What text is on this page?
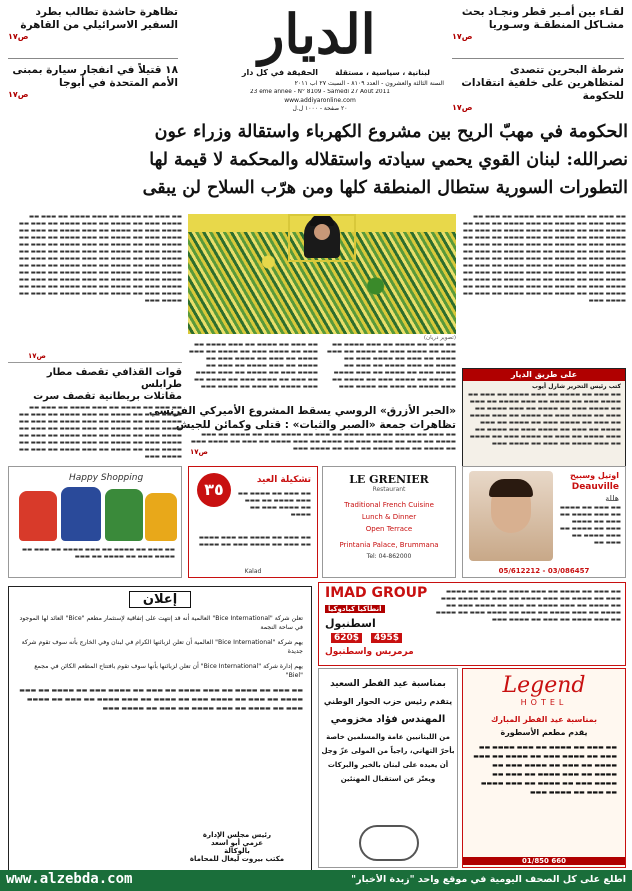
لقـاء بين أمـير قطر ونجـاد بحث مشـاكل المنطقـة وسـوريا
ص١٧
شرطة البحرين تتصدى لمتظاهرين على خلفية انتقادات للحكومة
ص١٧
تظاهرة حاشدة تطالب بطرد السفير الاسرائيلي من القاهرة
ص١٧
١٨ قتيلاً في انفجار سيارة بمبنى الأمم المتحدة في أبوجا
ص١٧
الديار
الحقيقة في كل دار	لبنانية ، سياسية ، مستقلة
السنة الثالثة والعشرون - العدد ٨١٠٩ - السبت ٢٧ آب ٢٠١١
23 ème année - N° 8109 - Samedi 27 Août 2011
www.addiyaronline.com
٢٠ صفحة - ١٠٠٠ ل.ل
الحكومة في مهبّ الريح بين مشروع الكهرباء واستقالة وزراء عون
نصرالله: لبنان القوي يحمي سيادته واستقلاله والمحكمة لا قيمة لها
التطورات السورية ستطال المنطقة كلها ومن هرّب السلاح لن يبقى
▬▬ ▬▬▬ ▬▬ ▬▬▬▬ ▬▬ ▬▬▬ ▬▬▬▬ ▬▬ ▬▬▬ ▬▬ ▬▬▬▬ ▬▬▬ ▬▬ ▬▬▬▬ ▬▬ ▬▬▬ ▬▬▬▬ ▬▬ ▬▬▬ ▬▬ ▬▬▬▬ ▬▬▬ ▬▬ ▬▬▬▬ ▬▬ ▬▬▬ ▬▬▬▬ ▬▬ ▬▬▬ ▬▬ ▬▬▬▬ ▬▬▬ ▬▬ ▬▬▬▬ ▬▬ ▬▬▬ ▬▬▬▬ ▬▬ ▬▬▬ ▬▬ ▬▬▬▬ ▬▬▬ ▬▬ ▬▬▬▬ ▬▬ ▬▬▬ ▬▬▬▬ ▬▬ ▬▬▬ ▬▬ ▬▬▬▬ ▬▬▬ ▬▬ ▬▬▬▬ ▬▬ ▬▬▬ ▬▬▬▬ ▬▬ ▬▬▬ ▬▬ ▬▬▬▬ ▬▬▬ ▬▬ ▬▬▬▬ ▬▬ ▬▬▬ ▬▬▬▬ ▬▬ ▬▬▬ ▬▬ ▬▬▬▬ ▬▬▬ ▬▬ ▬▬▬▬ ▬▬ ▬▬▬ ▬▬▬▬ ▬▬ ▬▬▬ ▬▬ ▬▬▬▬ ▬▬▬ ▬▬ ▬▬▬▬ ▬▬ ▬▬▬ ▬▬▬▬ ▬▬ ▬▬▬ ▬▬ ▬▬▬▬ ▬▬▬ ▬▬ ▬▬▬▬ ▬▬ ▬▬▬ ▬▬▬▬ ▬▬ ▬▬▬ ▬▬ ▬▬▬▬ ▬▬▬ ▬▬ ▬▬▬▬ ▬▬ ▬▬▬ ▬▬▬▬ ▬▬ ▬▬▬ ▬▬ ▬▬▬▬ ▬▬▬ ▬▬ ▬▬▬▬ ▬▬ ▬▬▬ ▬▬▬▬ ▬▬ ▬▬▬ ▬▬ ▬▬▬▬ ▬▬▬
على طريق الديار
كتب رئيس التحرير شارل أيوب
▬▬ ▬▬▬ ▬▬ ▬▬▬▬ ▬▬ ▬▬▬ ▬▬▬▬ ▬▬ ▬▬▬ ▬▬ ▬▬▬▬ ▬▬▬ ▬▬ ▬▬▬▬ ▬▬ ▬▬▬ ▬▬▬▬ ▬▬ ▬▬▬ ▬▬ ▬▬▬▬ ▬▬▬ ▬▬ ▬▬▬▬ ▬▬ ▬▬▬ ▬▬▬▬ ▬▬ ▬▬▬ ▬▬ ▬▬▬▬ ▬▬▬ ▬▬ ▬▬▬▬ ▬▬ ▬▬▬ ▬▬▬▬ ▬▬ ▬▬▬ ▬▬ ▬▬▬▬ ▬▬▬ ▬▬ ▬▬▬▬ ▬▬ ▬▬▬ ▬▬▬▬ ▬▬ ▬▬▬ ▬▬ ▬▬▬▬ ▬▬▬ ▬▬ ▬▬▬▬ ▬▬ ▬▬▬ ▬▬▬▬ ▬▬ ▬▬▬ ▬▬ ▬▬▬▬ ▬▬▬ ▬▬ ▬▬▬▬ ▬▬ ▬▬▬ ▬▬▬▬ ▬▬ ▬▬▬ ▬▬ ▬▬▬▬ ▬▬▬
(تصوير دريان)
▬▬ ▬▬▬ ▬▬ ▬▬▬▬ ▬▬ ▬▬▬ ▬▬▬▬ ▬▬ ▬▬▬ ▬▬ ▬▬▬▬ ▬▬▬ ▬▬ ▬▬▬▬ ▬▬ ▬▬▬ ▬▬▬▬ ▬▬ ▬▬▬ ▬▬ ▬▬▬▬ ▬▬▬ ▬▬ ▬▬▬▬ ▬▬ ▬▬▬ ▬▬▬▬ ▬▬ ▬▬▬ ▬▬ ▬▬▬▬ ▬▬▬ ▬▬ ▬▬▬▬ ▬▬ ▬▬▬ ▬▬▬▬ ▬▬ ▬▬▬ ▬▬ ▬▬▬▬ ▬▬▬ ▬▬ ▬▬▬▬ ▬▬ ▬▬▬ ▬▬▬▬ ▬▬ ▬▬▬ ▬▬ ▬▬▬▬ ▬▬▬
▬▬ ▬▬▬ ▬▬ ▬▬▬▬ ▬▬ ▬▬▬ ▬▬▬▬ ▬▬ ▬▬▬ ▬▬ ▬▬▬▬ ▬▬▬ ▬▬ ▬▬▬▬ ▬▬ ▬▬▬ ▬▬▬▬ ▬▬ ▬▬▬ ▬▬ ▬▬▬▬ ▬▬▬ ▬▬ ▬▬▬▬ ▬▬ ▬▬▬ ▬▬▬▬ ▬▬ ▬▬▬ ▬▬ ▬▬▬▬ ▬▬▬ ▬▬ ▬▬▬▬ ▬▬ ▬▬▬ ▬▬▬▬ ▬▬ ▬▬▬ ▬▬ ▬▬▬▬ ▬▬▬ ▬▬ ▬▬▬▬ ▬▬ ▬▬▬ ▬▬▬▬ ▬▬ ▬▬▬ ▬▬ ▬▬▬▬ ▬▬▬
▬▬ ▬▬▬ ▬▬ ▬▬▬▬ ▬▬ ▬▬▬ ▬▬▬▬ ▬▬ ▬▬▬ ▬▬ ▬▬▬▬ ▬▬▬ ▬▬ ▬▬▬▬ ▬▬ ▬▬▬ ▬▬▬▬ ▬▬ ▬▬▬ ▬▬ ▬▬▬▬ ▬▬▬ ▬▬ ▬▬▬▬ ▬▬ ▬▬▬ ▬▬▬▬ ▬▬ ▬▬▬ ▬▬ ▬▬▬▬ ▬▬▬ ▬▬ ▬▬▬▬ ▬▬ ▬▬▬ ▬▬▬▬ ▬▬ ▬▬▬ ▬▬ ▬▬▬▬ ▬▬▬ ▬▬ ▬▬▬▬ ▬▬ ▬▬▬ ▬▬▬▬ ▬▬ ▬▬▬ ▬▬ ▬▬▬▬ ▬▬▬ ▬▬ ▬▬▬▬ ▬▬ ▬▬▬ ▬▬▬▬ ▬▬ ▬▬▬ ▬▬ ▬▬▬▬ ▬▬▬ ▬▬ ▬▬▬▬ ▬▬ ▬▬▬ ▬▬▬▬ ▬▬ ▬▬▬ ▬▬ ▬▬▬▬ ▬▬▬ ▬▬ ▬▬▬▬ ▬▬ ▬▬▬ ▬▬▬▬ ▬▬ ▬▬▬ ▬▬ ▬▬▬▬ ▬▬▬ ▬▬ ▬▬▬▬ ▬▬ ▬▬▬ ▬▬▬▬ ▬▬ ▬▬▬ ▬▬ ▬▬▬▬ ▬▬▬ ▬▬ ▬▬▬▬ ▬▬ ▬▬▬ ▬▬▬▬ ▬▬ ▬▬▬ ▬▬ ▬▬▬▬ ▬▬▬ ▬▬ ▬▬▬▬ ▬▬ ▬▬▬ ▬▬▬▬ ▬▬ ▬▬▬ ▬▬ ▬▬▬▬ ▬▬▬ ▬▬ ▬▬▬▬ ▬▬ ▬▬▬ ▬▬▬▬ ▬▬ ▬▬▬ ▬▬ ▬▬▬▬ ▬▬▬
ص١٧
«الحبر الأزرق» الروسي يسقط المشروع الأميركي الفرنسي
تظاهرات جمعة «الصبر والثبات» : قتلى وكمائن للجيش
▬▬ ▬▬▬ ▬▬ ▬▬▬▬ ▬▬ ▬▬▬ ▬▬▬▬ ▬▬ ▬▬▬ ▬▬ ▬▬▬▬ ▬▬▬ ▬▬ ▬▬▬▬ ▬▬ ▬▬▬ ▬▬▬▬ ▬▬ ▬▬▬ ▬▬ ▬▬▬▬ ▬▬▬ ▬▬ ▬▬▬▬ ▬▬ ▬▬▬ ▬▬▬▬ ▬▬ ▬▬▬ ▬▬ ▬▬▬▬ ▬▬▬ ▬▬ ▬▬▬▬ ▬▬ ▬▬▬ ▬▬▬▬ ▬▬ ▬▬▬ ▬▬ ▬▬▬▬ ▬▬▬
ص١٧
قوات القذافي تقصف مطار طرابلس
مقاتلات بريطانية تقصف سرت
▬▬ ▬▬▬ ▬▬ ▬▬▬▬ ▬▬ ▬▬▬ ▬▬▬▬ ▬▬ ▬▬▬ ▬▬ ▬▬▬▬ ▬▬▬ ▬▬ ▬▬▬▬ ▬▬ ▬▬▬ ▬▬▬▬ ▬▬ ▬▬▬ ▬▬ ▬▬▬▬ ▬▬▬ ▬▬ ▬▬▬▬ ▬▬ ▬▬▬ ▬▬▬▬ ▬▬ ▬▬▬ ▬▬ ▬▬▬▬ ▬▬▬ ▬▬ ▬▬▬▬ ▬▬ ▬▬▬ ▬▬▬▬ ▬▬ ▬▬▬ ▬▬ ▬▬▬▬ ▬▬▬ ▬▬ ▬▬▬▬ ▬▬ ▬▬▬ ▬▬▬▬ ▬▬ ▬▬▬ ▬▬ ▬▬▬▬ ▬▬▬ ▬▬ ▬▬▬▬ ▬▬ ▬▬▬ ▬▬▬▬ ▬▬ ▬▬▬ ▬▬ ▬▬▬▬ ▬▬▬ ▬▬ ▬▬▬▬ ▬▬ ▬▬▬ ▬▬▬▬ ▬▬ ▬▬▬ ▬▬ ▬▬▬▬ ▬▬▬
اوتيل وسبيح
Deauville
هللة
▬▬ ▬▬▬ ▬▬ ▬▬▬▬ ▬▬ ▬▬▬ ▬▬▬▬ ▬▬ ▬▬▬ ▬▬ ▬▬▬▬ ▬▬▬ ▬▬ ▬▬▬▬ ▬▬ ▬▬▬ ▬▬▬▬ ▬▬ ▬▬▬ ▬▬
05/612212 - 03/086457
LE GRENIER
Restaurant
Traditional French Cuisine
Lunch & Dinner
Open Terrace
Printania Palace, Brummana
Tel: 04-862000
٣٥	تشكيلة العيد
▬▬ ▬▬▬ ▬▬ ▬▬▬▬ ▬▬ ▬▬▬ ▬▬▬▬ ▬▬ ▬▬▬ ▬▬ ▬▬▬▬ ▬▬▬ ▬▬ ▬▬▬▬
▬▬ ▬▬▬ ▬▬ ▬▬▬▬ ▬▬ ▬▬▬ ▬▬▬▬ ▬▬ ▬▬▬ ▬▬ ▬▬▬▬ ▬▬▬ ▬▬ ▬▬▬▬
Kalad
Happy Shopping
▬▬ ▬▬▬ ▬▬ ▬▬▬▬ ▬▬ ▬▬▬ ▬▬▬▬ ▬▬ ▬▬▬ ▬▬ ▬▬▬▬ ▬▬▬ ▬▬ ▬▬▬▬ ▬▬ ▬▬▬
IMAD GROUP
انطاكيا كبادوكيا
اسطنبول
620$	495$
مرمريس واسطنبول
▬▬ ▬▬▬ ▬▬ ▬▬▬▬ ▬▬ ▬▬▬ ▬▬▬▬ ▬▬ ▬▬▬ ▬▬ ▬▬▬▬ ▬▬▬ ▬▬ ▬▬▬▬ ▬▬ ▬▬▬ ▬▬▬▬ ▬▬ ▬▬▬ ▬▬ ▬▬▬▬ ▬▬▬ ▬▬ ▬▬▬▬ ▬▬ ▬▬▬ ▬▬▬▬ ▬▬ ▬▬▬ ▬▬ ▬▬▬▬ ▬▬▬ ▬▬ ▬▬▬▬ ▬▬ ▬▬▬ ▬▬▬▬ ▬▬ ▬▬▬ ▬▬ ▬▬▬▬ ▬▬▬ ▬▬ ▬▬▬▬ ▬▬ ▬▬▬ ▬▬▬▬ ▬▬ ▬▬▬ ▬▬ ▬▬▬▬ ▬▬▬
Legend
HOTEL
بمناسبة عيد الفطر المبارك
يقدم مطعم الأسطورة
▬▬ ▬▬▬ ▬▬ ▬▬▬▬ ▬▬ ▬▬▬ ▬▬▬▬ ▬▬ ▬▬▬ ▬▬ ▬▬▬▬ ▬▬▬ ▬▬ ▬▬▬▬ ▬▬ ▬▬▬ ▬▬▬▬ ▬▬ ▬▬▬ ▬▬ ▬▬▬▬ ▬▬▬ ▬▬ ▬▬▬▬ ▬▬ ▬▬▬ ▬▬▬▬ ▬▬ ▬▬▬ ▬▬ ▬▬▬▬ ▬▬▬ ▬▬ ▬▬▬▬ ▬▬ ▬▬▬ ▬▬▬▬ ▬▬ ▬▬▬ ▬▬ ▬▬▬▬ ▬▬▬
01/850 660
إعلان
تعلن شركة "Bice International" العالمية أنه قد إنتهت على إتفاقية لإستثمار مطعم "Bice" العائد لها الموجود في ساحة النجمة
يهم شركة "Bice International" العالمية أن تعلن لزبائنها الكرام في لبنان وفي الخارج بأنه سوف تقوم شركة جديدة
يهم إدارة شركة "Bice International" أن تعلن لزبائنها بأنها سوف تقوم بافتتاح المطعم الكائن في مجمع "Biel"
▬▬ ▬▬▬ ▬▬ ▬▬▬▬ ▬▬ ▬▬▬ ▬▬▬▬ ▬▬ ▬▬▬ ▬▬ ▬▬▬▬ ▬▬▬ ▬▬ ▬▬▬▬ ▬▬ ▬▬▬ ▬▬▬▬ ▬▬ ▬▬▬ ▬▬ ▬▬▬▬ ▬▬▬ ▬▬ ▬▬▬▬ ▬▬ ▬▬▬ ▬▬▬▬ ▬▬ ▬▬▬ ▬▬ ▬▬▬▬ ▬▬▬ ▬▬ ▬▬▬▬ ▬▬ ▬▬▬ ▬▬▬▬ ▬▬ ▬▬▬ ▬▬ ▬▬▬▬ ▬▬▬
رئيس مجلس الإدارة
عزمي أبو اسعد
بالوكالة
مكتب بيروت ليغال للمحاماة
بمناسبة عيد الفطر السعيد
يتقدم رئيس حزب الحوار الوطني
المهندس فؤاد مخزومي
من اللبنانيين عامة والمسلمين خاصة
بأحرّ التهاني، راجياً من المولى عزّ وجل
أن يعيده على لبنان بالخير والبركات
ويعتّز عن استقبال المهنئين
www.alzebda.com	اطلع على كل الصحف اليومية في موقع واحد "زبدة الأخبار"
